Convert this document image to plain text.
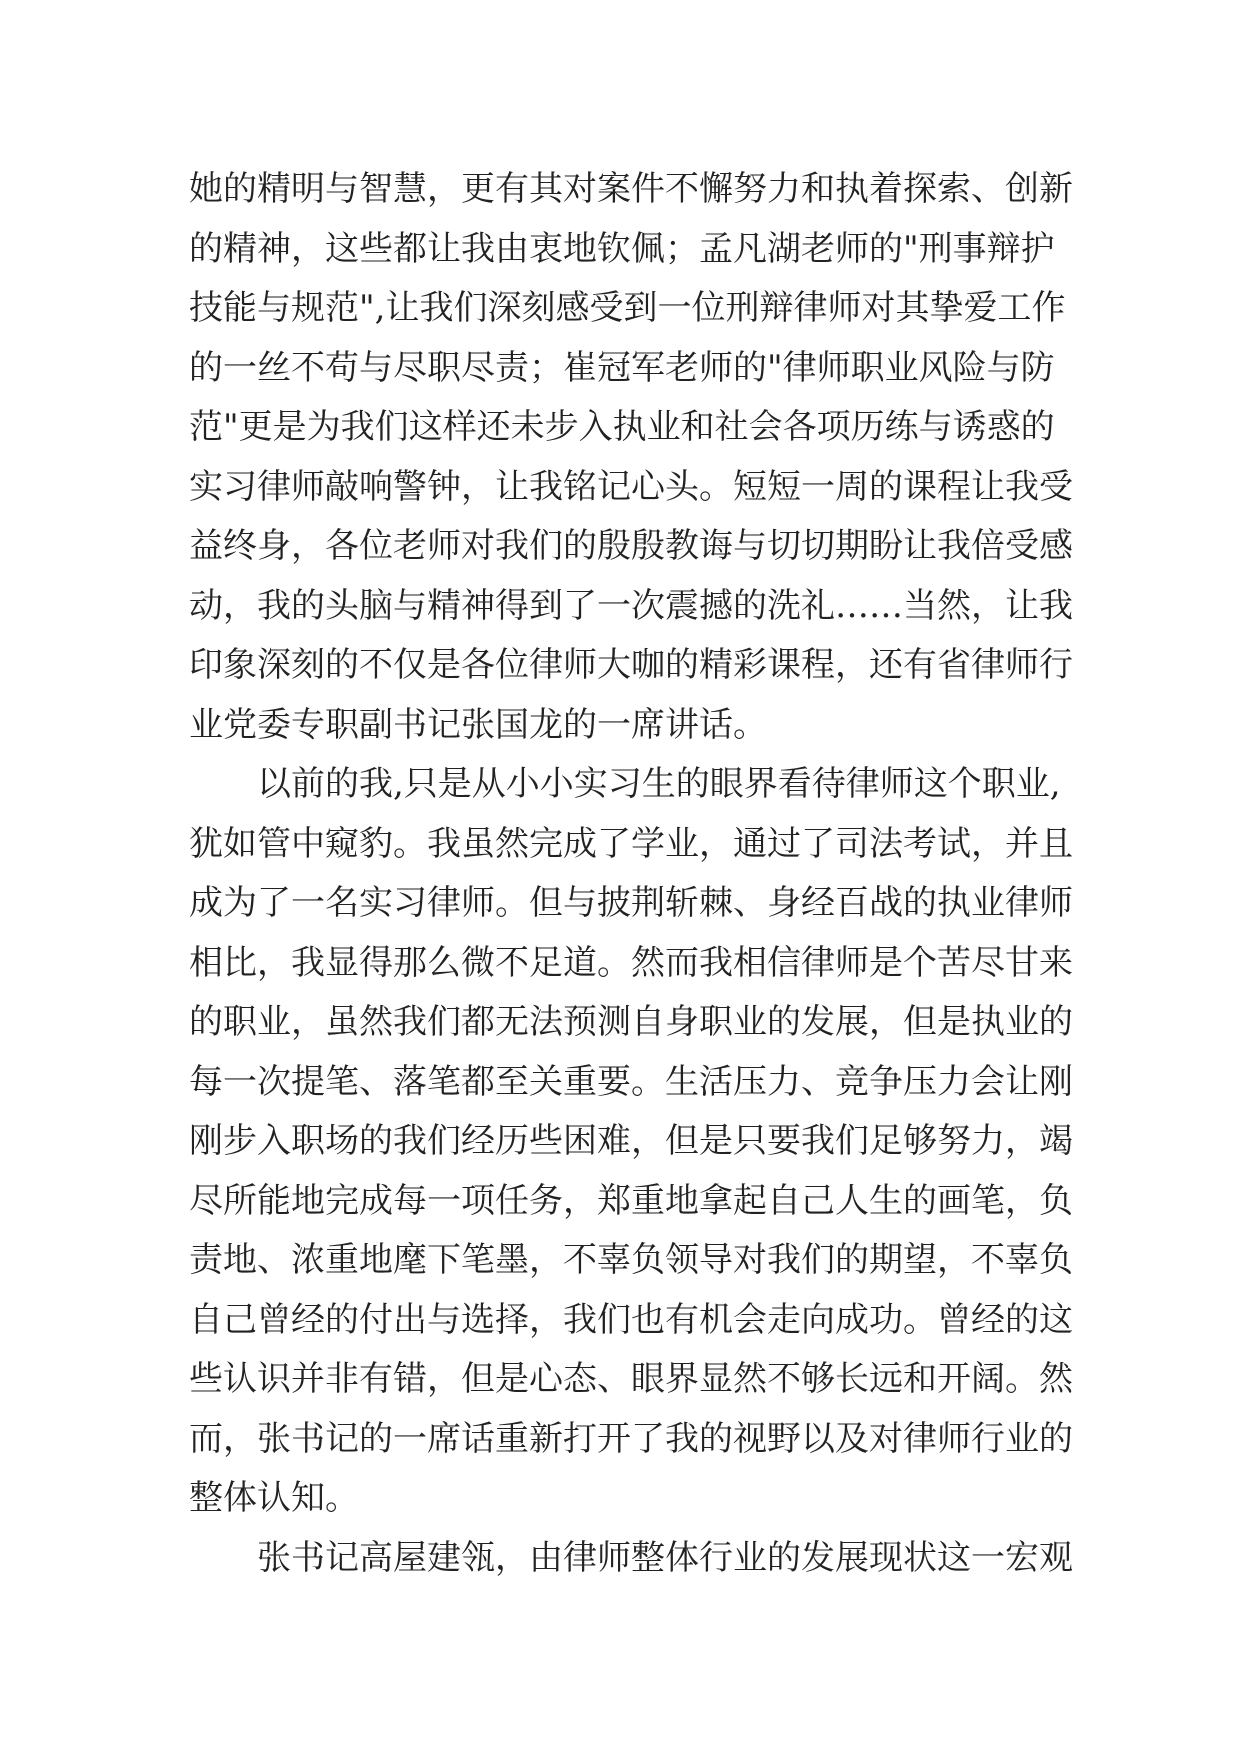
她的精明与智慧，更有其对案件不懈努力和执着探索、创新
的精神，这些都让我由衷地钦佩；孟凡湖老师的"刑事辩护
技能与规范",让我们深刻感受到一位刑辩律师对其挚爱工作
的一丝不苟与尽职尽责；崔冠军老师的"律师职业风险与防
范"更是为我们这样还未步入执业和社会各项历练与诱惑的
实习律师敲响警钟，让我铭记心头。短短一周的课程让我受
益终身，各位老师对我们的殷殷教诲与切切期盼让我倍受感
动，我的头脑与精神得到了一次震撼的洗礼……当然，让我
印象深刻的不仅是各位律师大咖的精彩课程，还有省律师行
业党委专职副书记张国龙的一席讲话。
以前的我,只是从小小实习生的眼界看待律师这个职业,
犹如管中窥豹。我虽然完成了学业，通过了司法考试，并且
成为了一名实习律师。但与披荆斩棘、身经百战的执业律师
相比，我显得那么微不足道。然而我相信律师是个苦尽甘来
的职业，虽然我们都无法预测自身职业的发展，但是执业的
每一次提笔、落笔都至关重要。生活压力、竞争压力会让刚
刚步入职场的我们经历些困难，但是只要我们足够努力，竭
尽所能地完成每一项任务，郑重地拿起自己人生的画笔，负
责地、浓重地麾下笔墨，不辜负领导对我们的期望，不辜负
自己曾经的付出与选择，我们也有机会走向成功。曾经的这
些认识并非有错，但是心态、眼界显然不够长远和开阔。然
而，张书记的一席话重新打开了我的视野以及对律师行业的
整体认知。
张书记高屋建瓴，由律师整体行业的发展现状这一宏观
